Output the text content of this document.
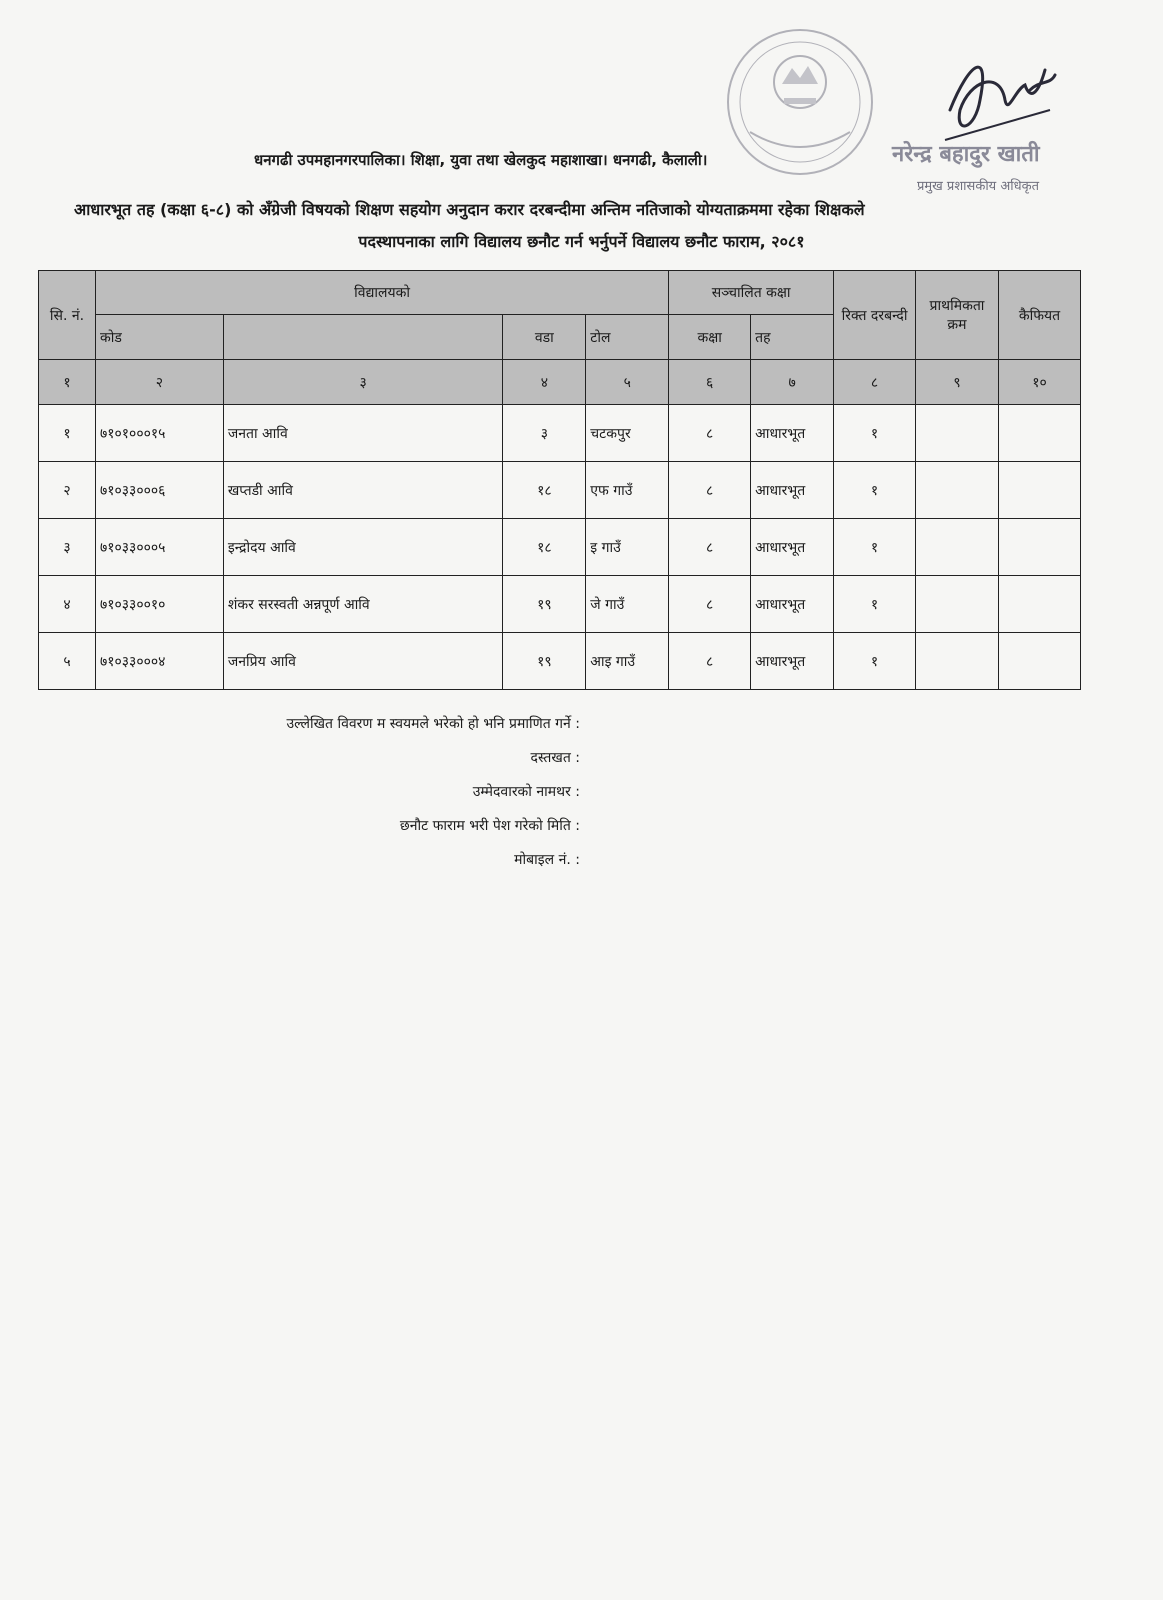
धनगढी उपमहानगरपालिका। शिक्षा, युवा तथा खेलकुद महाशाखा। धनगढी, कैलाली।	नरेन्द्र बहादुर खाती
प्रमुख प्रशासकीय अधिकृत
आधारभूत तह (कक्षा ६-८) को अँग्रेजी विषयको शिक्षण सहयोग अनुदान करार दरबन्दीमा अन्तिम नतिजाको योग्यताक्रममा रहेका शिक्षकले
पदस्थापनाका लागि विद्यालय छनौट गर्न भर्नुपर्ने विद्यालय छनौट फाराम, २०८१
सि. नं.	विद्यालयको				सञ्चालित कक्षा		रिक्त दरबन्दी	प्राथमिकता क्रम	कैफियत
	कोड		वडा	टोल	कक्षा	तह			
१	२	३	४	५	६	७	८	९	१०
१	७१०१०००१५	जनता आवि	३	चटकपुर	८	आधारभूत	१		
२	७१०३३०००६	खप्तडी आवि	१८	एफ गाउँ	८	आधारभूत	१		
३	७१०३३०००५	इन्द्रोदय आवि	१८	इ गाउँ	८	आधारभूत	१		
४	७१०३३००१०	शंकर सरस्वती अन्नपूर्ण आवि	१९	जे गाउँ	८	आधारभूत	१		
५	७१०३३०००४	जनप्रिय आवि	१९	आइ गाउँ	८	आधारभूत	१		
उल्लेखित विवरण म स्वयमले भरेको हो भनि प्रमाणित गर्ने :
दस्तखत :
उम्मेदवारको नामथर :
छनौट फाराम भरी पेश गरेको मिति :
मोबाइल नं. :
